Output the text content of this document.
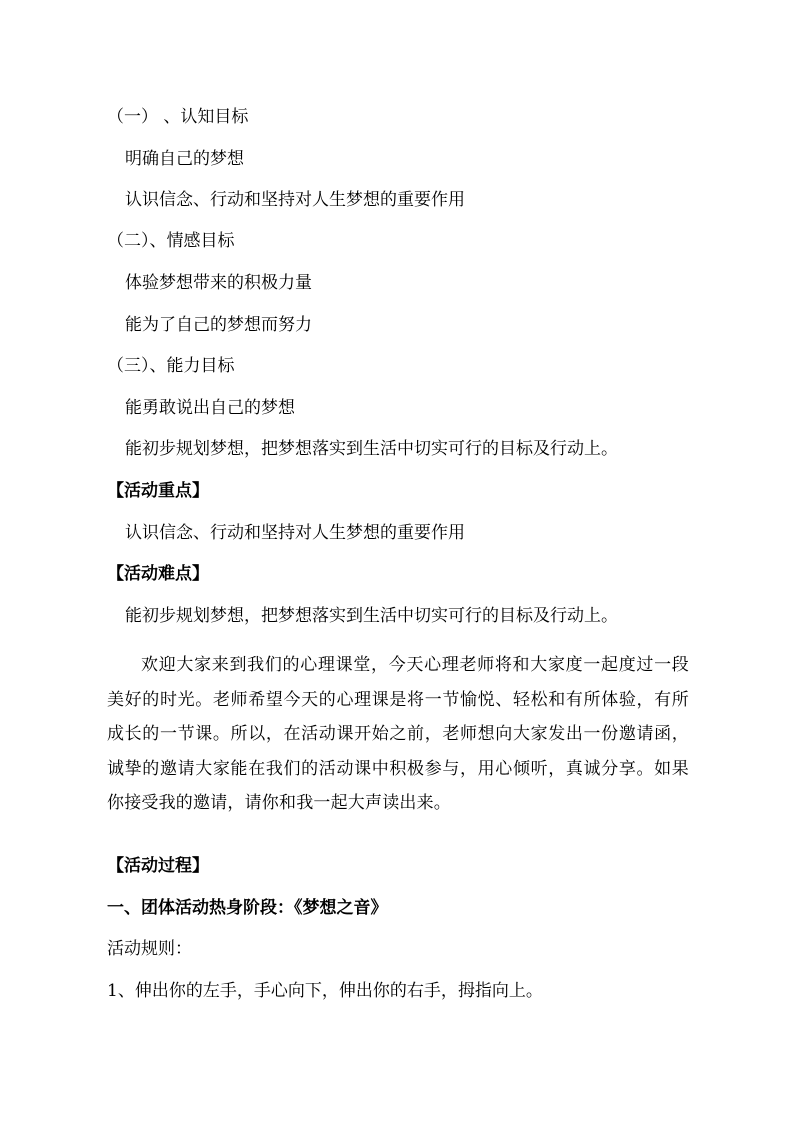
（一） 、认知目标
明确自己的梦想
认识信念、行动和坚持对人生梦想的重要作用
（二）、情感目标
体验梦想带来的积极力量
能为了自己的梦想而努力
（三）、能力目标
能勇敢说出自己的梦想
能初步规划梦想，把梦想落实到生活中切实可行的目标及行动上。
【活动重点】
认识信念、行动和坚持对人生梦想的重要作用
【活动难点】
能初步规划梦想，把梦想落实到生活中切实可行的目标及行动上。
欢迎大家来到我们的心理课堂，今天心理老师将和大家度一起度过一段美好的时光。老师希望今天的心理课是将一节愉悦、轻松和有所体验，有所成长的一节课。所以，在活动课开始之前，老师想向大家发出一份邀请函，诚挚的邀请大家能在我们的活动课中积极参与，用心倾听，真诚分享。如果你接受我的邀请，请你和我一起大声读出来。
【活动过程】
一、团体活动热身阶段：《梦想之音》
活动规则：
1、伸出你的左手，手心向下，伸出你的右手，拇指向上。
